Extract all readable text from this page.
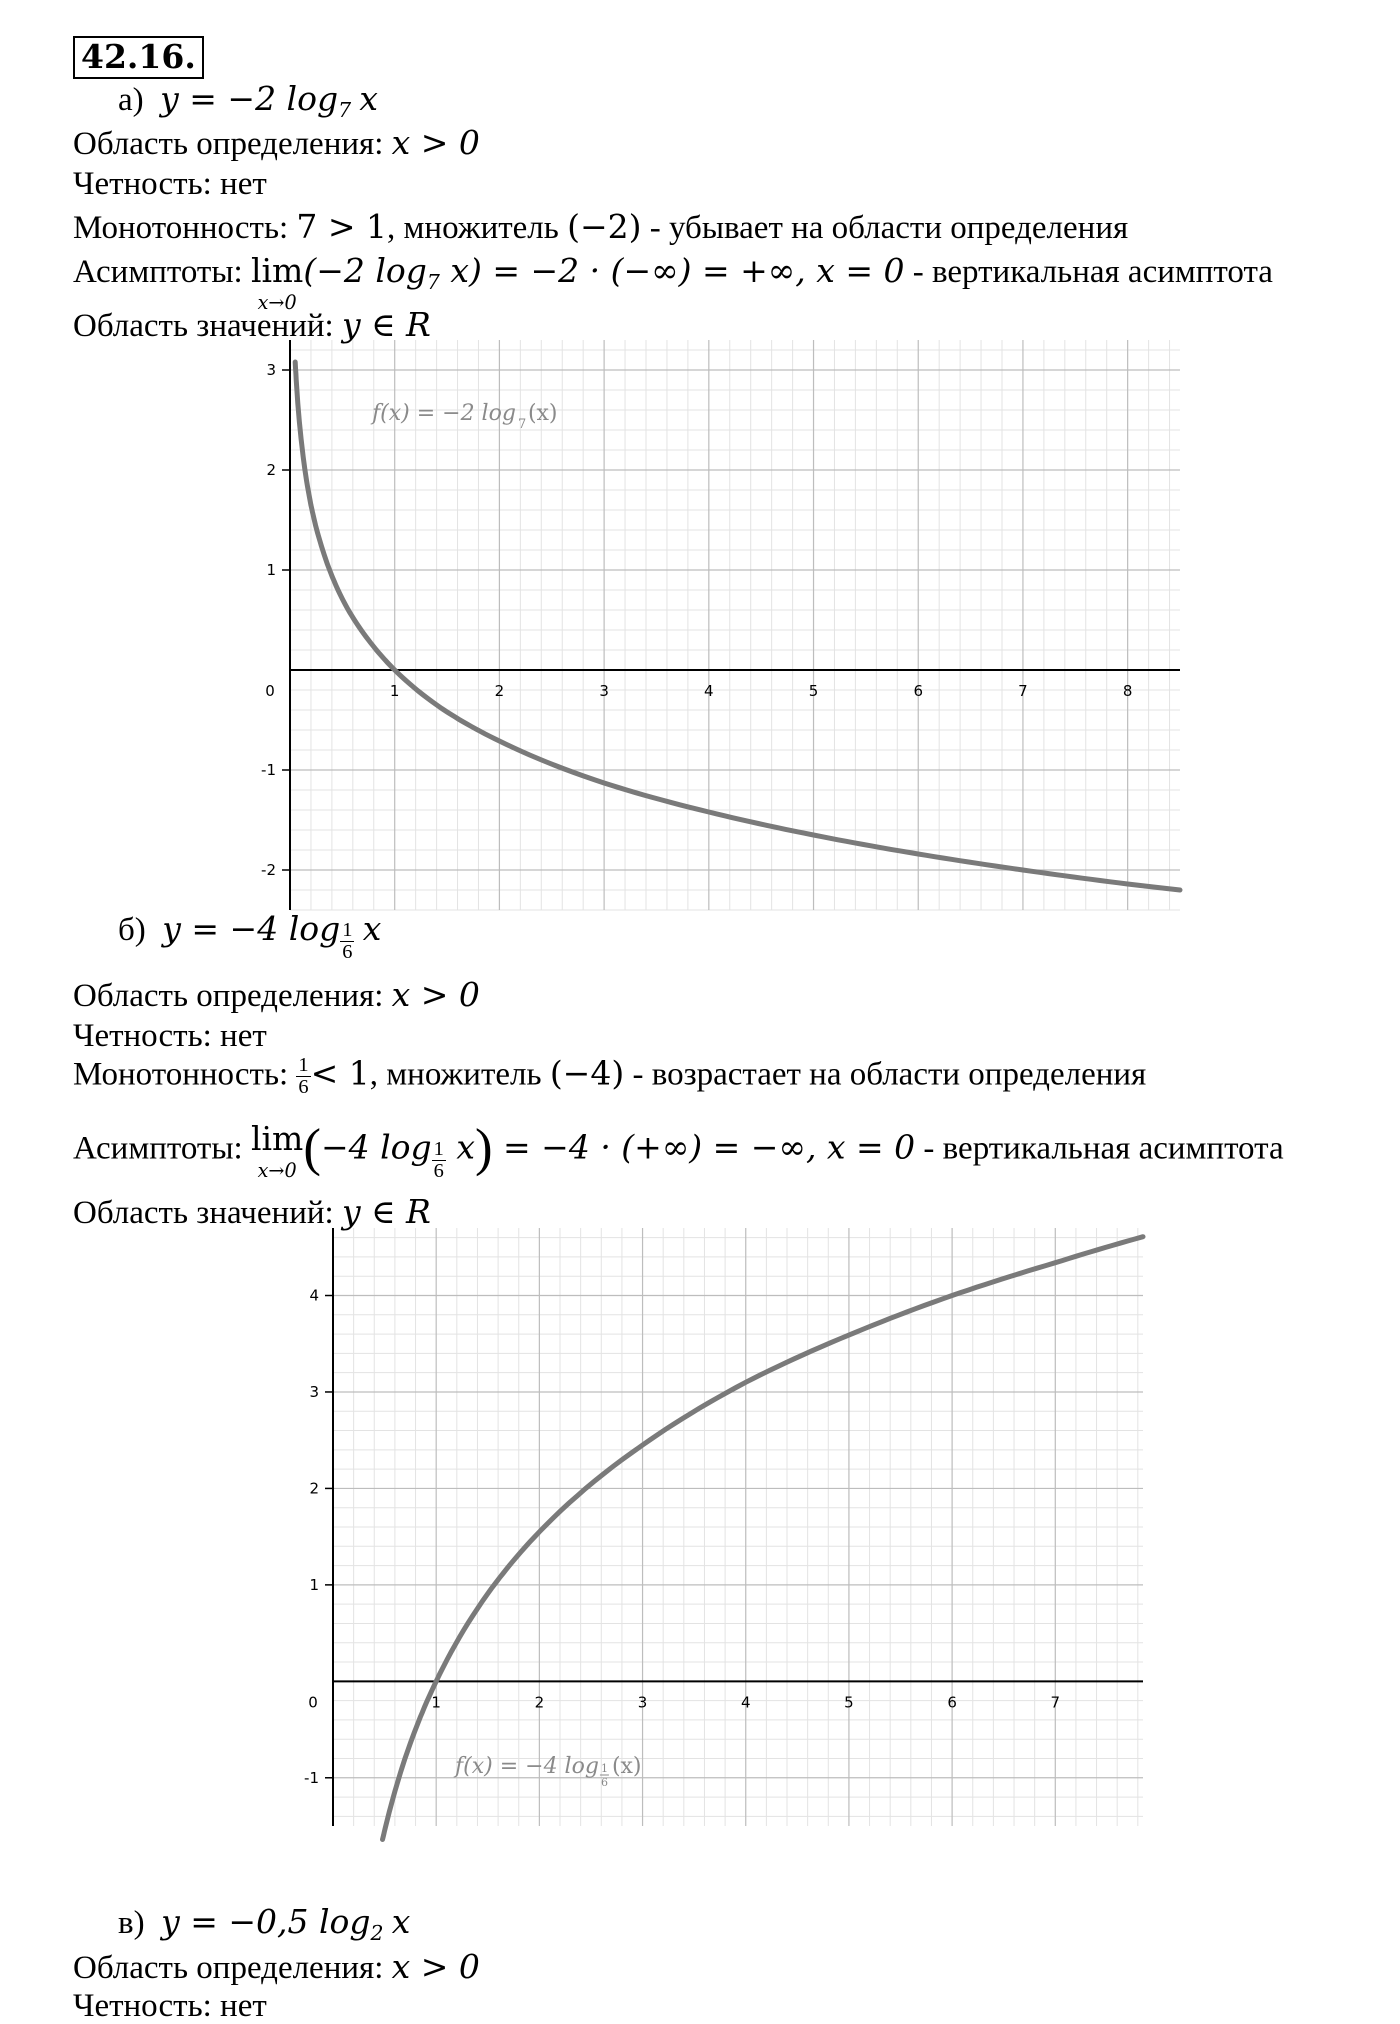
42.16.
а) y = −2 $\log_7 x$
Область определения: x > 0
Четность: нет
Монотонность: 7 > 1, множитель (−2) - убывает на области определения
Асимптоты: lim
x→0
(−2 $\log_7 x) = -2$ · (−∞) = +∞, x = 0 - вертикальная асимптота
Область значений: y ∈ R
0	1	2	3	4	5	6	7	8
-2
-1
1
2
3
f(x) = −2 log 7 (x)
б) y = −4 $\log \frac{1}{6}$ x
Область определения: x > 0
Четность: нет
Монотонность: $\frac{1}{6} < 1$, множитель (−4) - возрастает на области определения
Асимптоты: lim
x→0 (−4 $\log \frac{1}{6} x) = -4$ · (+∞) = −∞, x = 0 - вертикальная асимптота
Область значений: y ∈ R
0	1	2	3	4	5	6	7
-1
1
2
3
4
f(x) = −4 log 1
6
(x)
в) y = −0,5 $\log_2 x$
Область определения: x > 0
Четность: нет
